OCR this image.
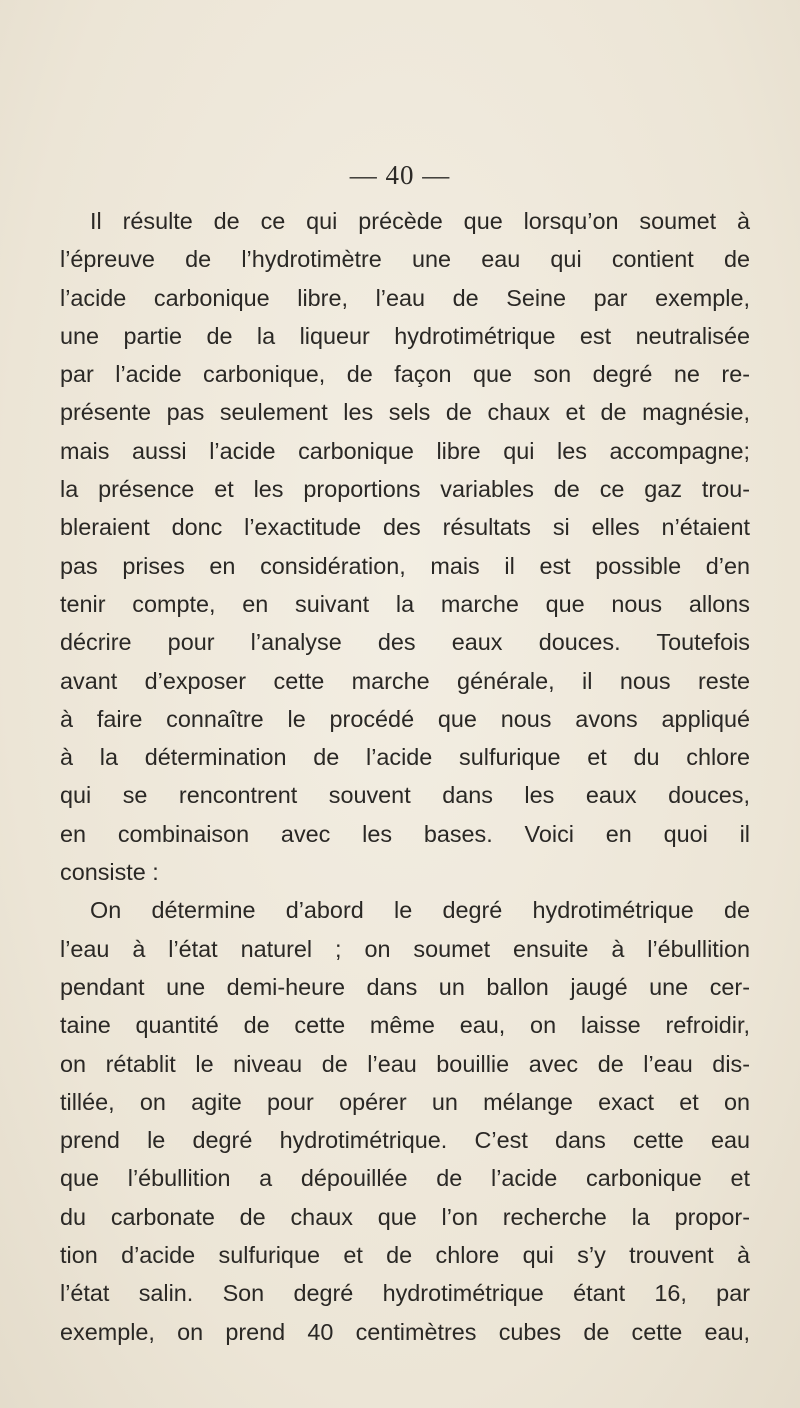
— 40 —
Il résulte de ce qui précède que lorsqu’on soumet à
l’épreuve de l’hydrotimètre une eau qui contient de
l’acide carbonique libre, l’eau de Seine par exemple,
une partie de la liqueur hydrotimétrique est neutralisée
par l’acide carbonique, de façon que son degré ne re-
présente pas seulement les sels de chaux et de magnésie,
mais aussi l’acide carbonique libre qui les accompagne;
la présence et les proportions variables de ce gaz trou-
bleraient donc l’exactitude des résultats si elles n’étaient
pas prises en considération, mais il est possible d’en
tenir compte, en suivant la marche que nous allons
décrire pour l’analyse des eaux douces. Toutefois
avant d’exposer cette marche générale, il nous reste
à faire connaître le procédé que nous avons appliqué
à la détermination de l’acide sulfurique et du chlore
qui se rencontrent souvent dans les eaux douces,
en combinaison avec les bases. Voici en quoi il
consiste :
On détermine d’abord le degré hydrotimétrique de
l’eau à l’état naturel ; on soumet ensuite à l’ébullition
pendant une demi-heure dans un ballon jaugé une cer-
taine quantité de cette même eau, on laisse refroidir,
on rétablit le niveau de l’eau bouillie avec de l’eau dis-
tillée, on agite pour opérer un mélange exact et on
prend le degré hydrotimétrique. C’est dans cette eau
que l’ébullition a dépouillée de l’acide carbonique et
du carbonate de chaux que l’on recherche la propor-
tion d’acide sulfurique et de chlore qui s’y trouvent à
l’état salin. Son degré hydrotimétrique étant 16, par
exemple, on prend 40 centimètres cubes de cette eau,
